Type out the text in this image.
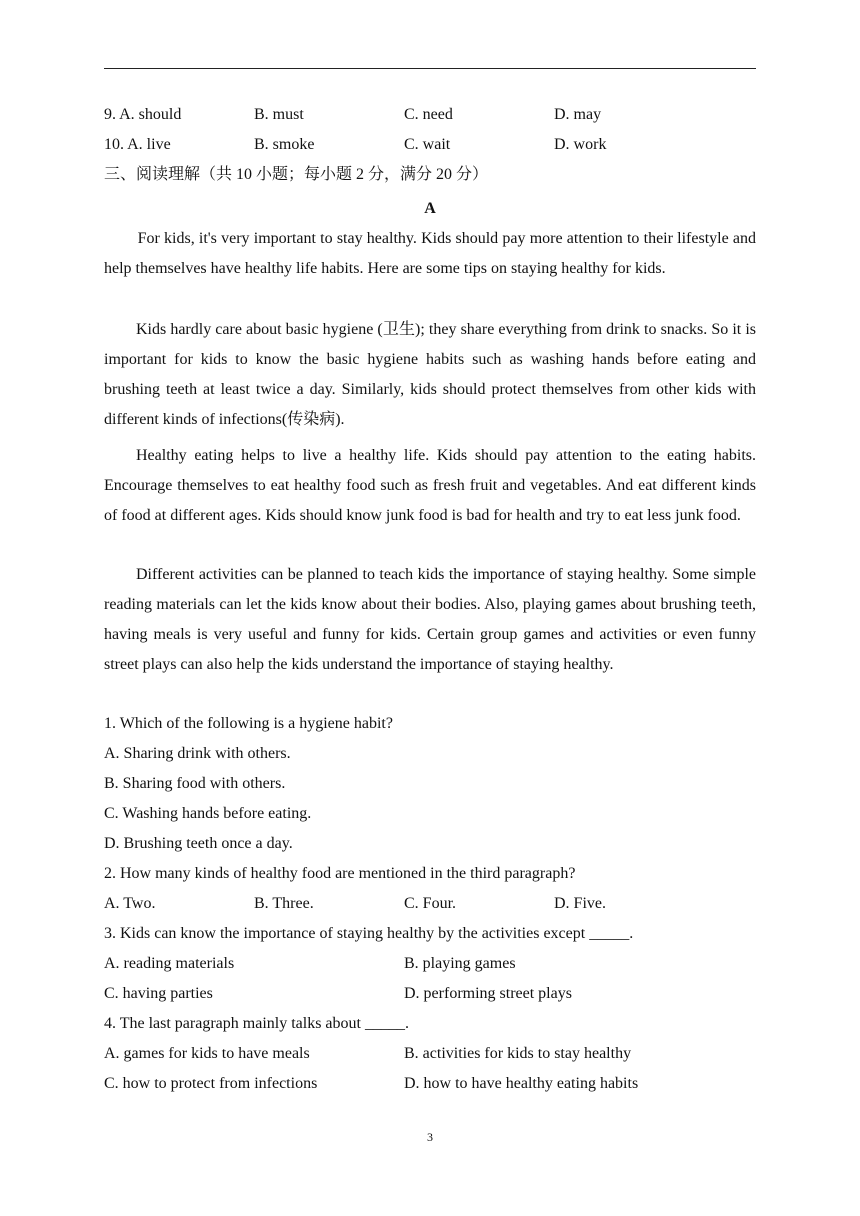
9. A. should	B. must	C. need	D. may
10. A. live	B. smoke	C. wait	D. work
三、阅读理解（共 10 小题；每小题 2 分，满分 20 分）
A
For kids, it's very important to stay healthy. Kids should pay more attention to their lifestyle and help themselves have healthy life habits. Here are some tips on staying healthy for kids.
Kids hardly care about basic hygiene (卫生); they share everything from drink to snacks. So it is important for kids to know the basic hygiene habits such as washing hands before eating and brushing teeth at least twice a day. Similarly, kids should protect themselves from other kids with different kinds of infections(传染病).
Healthy eating helps to live a healthy life. Kids should pay attention to the eating habits. Encourage themselves to eat healthy food such as fresh fruit and vegetables. And eat different kinds of food at different ages. Kids should know junk food is bad for health and try to eat less junk food.
Different activities can be planned to teach kids the importance of staying healthy. Some simple reading materials can let the kids know about their bodies. Also, playing games about brushing teeth, having meals is very useful and funny for kids. Certain group games and activities or even funny street plays can also help the kids understand the importance of staying healthy.
1. Which of the following is a hygiene habit?
A. Sharing drink with others.
B. Sharing food with others.
C. Washing hands before eating.
D. Brushing teeth once a day.
2. How many kinds of healthy food are mentioned in the third paragraph?
A. Two.	B. Three.	C. Four.	D. Five.
3. Kids can know the importance of staying healthy by the activities except _____.
A. reading materials	B. playing games
C. having parties	D. performing street plays
4. The last paragraph mainly talks about _____.
A. games for kids to have meals	B. activities for kids to stay healthy
C. how to protect from infections	D. how to have healthy eating habits
3
